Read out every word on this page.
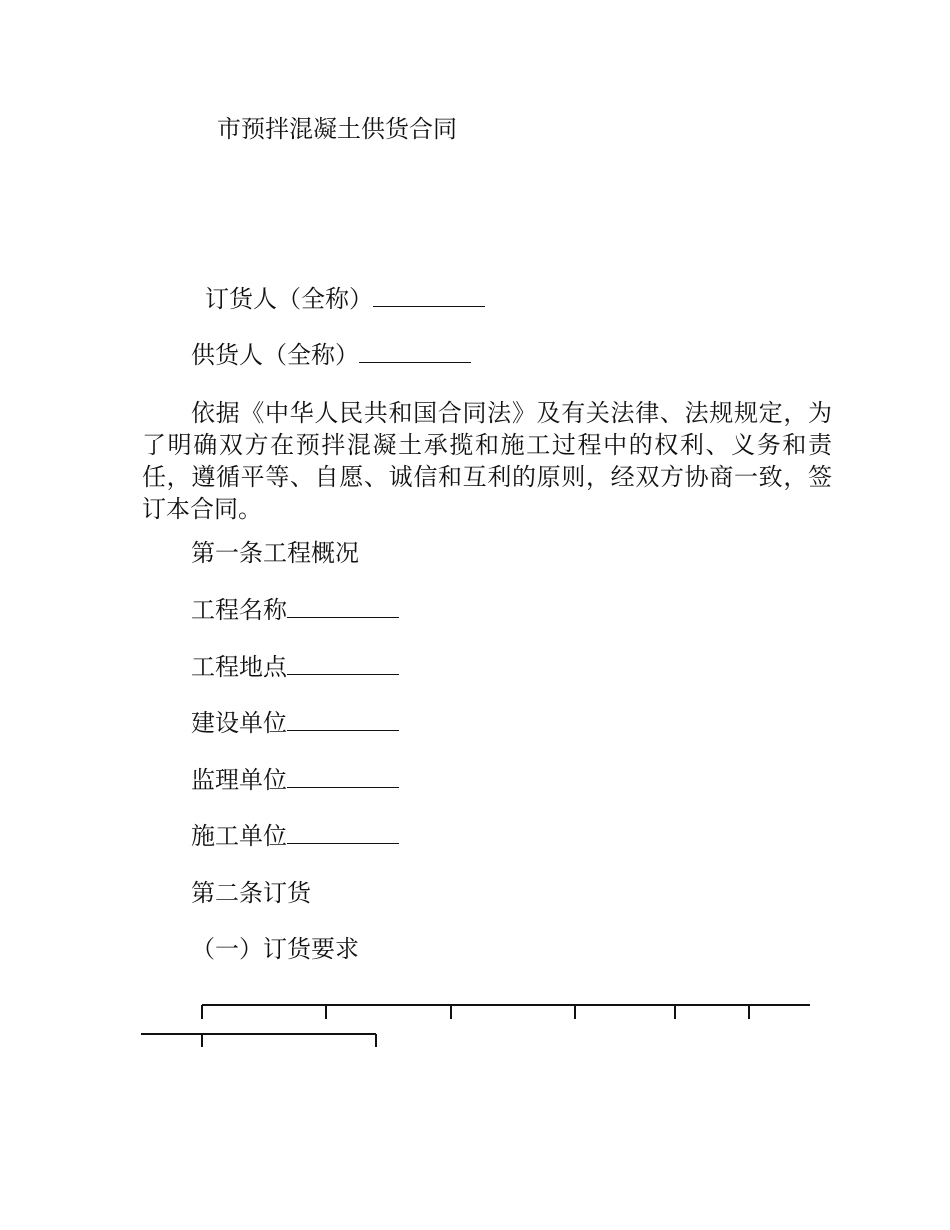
市预拌混凝土供货合同
订货人（全称）
供货人（全称）
依据《中华人民共和国合同法》及有关法律、法规规定，为了明确双方在预拌混凝土承揽和施工过程中的权利、义务和责任，遵循平等、自愿、诚信和互利的原则，经双方协商一致，签订本合同。
第一条工程概况
工程名称
工程地点
建设单位
监理单位
施工单位
第二条订货
（一）订货要求
